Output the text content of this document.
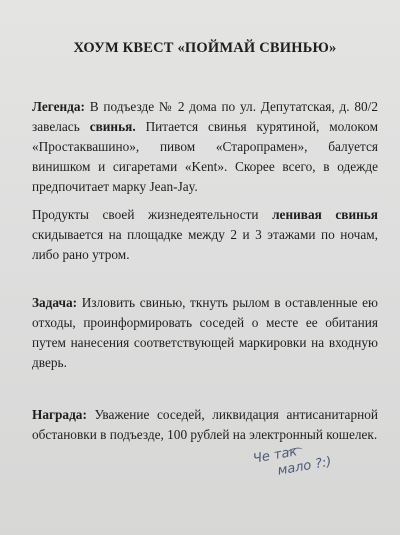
ХОУМ КВЕСТ «ПОЙМАЙ СВИНЬЮ»

Легенда: В подъезде № 2 дома по ул. Депутатская, д. 80/2 завелась свинья. Питается свинья курятиной, молоком «Простаквашино», пивом «Старопрамен», балуется винишком и сигаретами «Kent». Скорее всего, в одежде предпочитает марку Jean-Jay.

Продукты своей жизнедеятельности ленивая свинья скидывается на площадке между 2 и 3 этажами по ночам, либо рано утром.

Задача: Изловить свинью, ткнуть рылом в оставленные ею отходы, проинформировать соседей о месте ее обитания путем нанесения соответствующей маркировки на входную дверь.

Награда: Уважение соседей, ликвидация антисанитарной обстановки в подъезде, 100 рублей на электронный кошелек.

Че так
мало ?:)
